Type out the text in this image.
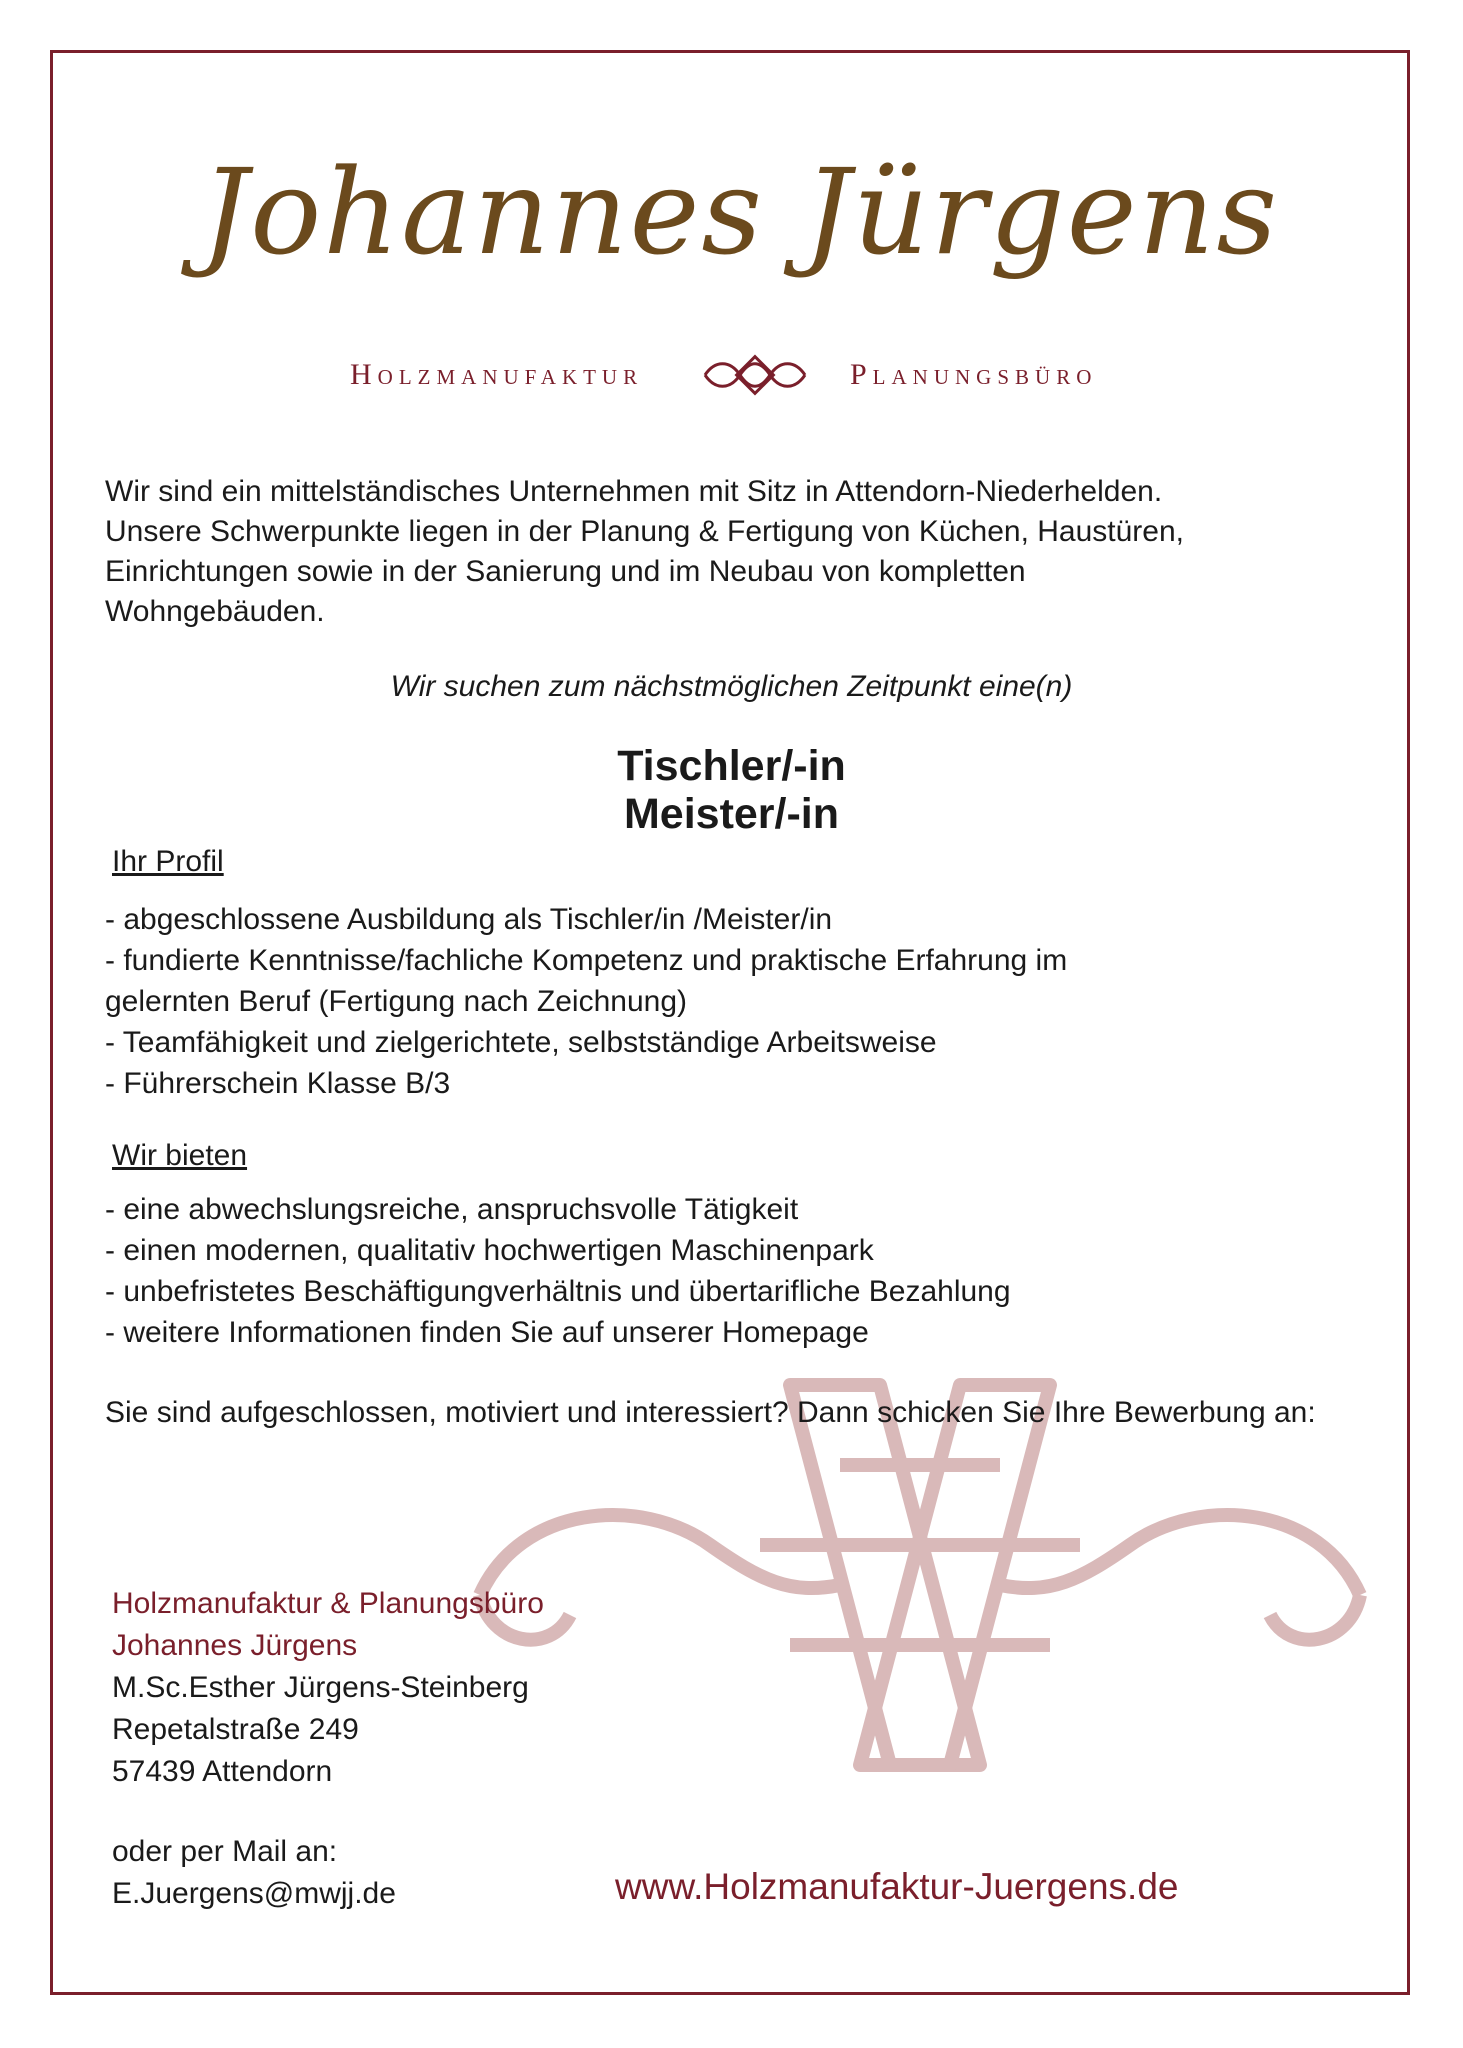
Johannes Jürgens
Holzmanufaktur	Planungsbüro
Wir sind ein mittelständisches Unternehmen mit Sitz in Attendorn-Niederhelden.
Unsere Schwerpunkte liegen in der Planung & Fertigung von Küchen, Haustüren,
Einrichtungen sowie in der Sanierung und im Neubau von kompletten
Wohngebäuden.
Wir suchen zum nächstmöglichen Zeitpunkt eine(n)
Tischler/-in
Meister/-in
Ihr Profil
- abgeschlossene Ausbildung als Tischler/in /Meister/in
- fundierte Kenntnisse/fachliche Kompetenz und praktische Erfahrung im
gelernten Beruf (Fertigung nach Zeichnung)
- Teamfähigkeit und zielgerichtete, selbstständige Arbeitsweise
- Führerschein Klasse B/3
Wir bieten
- eine abwechslungsreiche, anspruchsvolle Tätigkeit
- einen modernen, qualitativ hochwertigen Maschinenpark
- unbefristetes Beschäftigungverhältnis und übertarifliche Bezahlung
- weitere Informationen finden Sie auf unserer Homepage
Sie sind aufgeschlossen, motiviert und interessiert? Dann schicken Sie Ihre Bewerbung an:
Holzmanufaktur & Planungsbüro
Johannes Jürgens
M.Sc.Esther Jürgens-Steinberg
Repetalstraße 249
57439 Attendorn
oder per Mail an:
E.Juergens@mwjj.de	www.Holzmanufaktur-Juergens.de
